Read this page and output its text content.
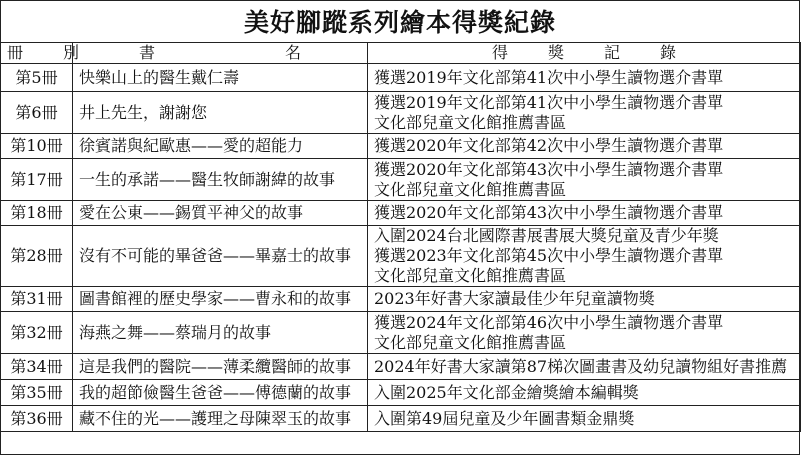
美好腳蹤系列繪本得獎紀錄
冊　別	書 名	得 獎 記 錄
第5冊	快樂山上的醫生戴仁壽	獲選2019年文化部第41次中小學生讀物選介書單

第6冊	井上先生，謝謝您	獲選2019年文化部第41次中小學生讀物選介書單
文化部兒童文化館推薦書區

第10冊	徐賓諾與紀歐惠——愛的超能力	獲選2020年文化部第42次中小學生讀物選介書單

第17冊	一生的承諾——醫生牧師謝緯的故事	獲選2020年文化部第43次中小學生讀物選介書單
文化部兒童文化館推薦書區

第18冊	愛在公東——錫質平神父的故事	獲選2020年文化部第43次中小學生讀物選介書單

第28冊	沒有不可能的畢爸爸——畢嘉士的故事	入圍2024台北國際書展書展大獎兒童及青少年獎
獲選2023年文化部第45次中小學生讀物選介書單
文化部兒童文化館推薦書區

第31冊	圖書館裡的歷史學家——曹永和的故事	2023年好書大家讀最佳少年兒童讀物獎

第32冊	海燕之舞——蔡瑞月的故事	獲選2024年文化部第46次中小學生讀物選介書單
文化部兒童文化館推薦書區

第34冊	這是我們的醫院——薄柔纜醫師的故事	2024年好書大家讀第87梯次圖畫書及幼兒讀物組好書推薦

第35冊	我的超節儉醫生爸爸——傅德蘭的故事	入圍2025年文化部金繪獎繪本編輯獎

第36冊	藏不住的光——護理之母陳翠玉的故事	入圍第49屆兒童及少年圖書類金鼎獎
